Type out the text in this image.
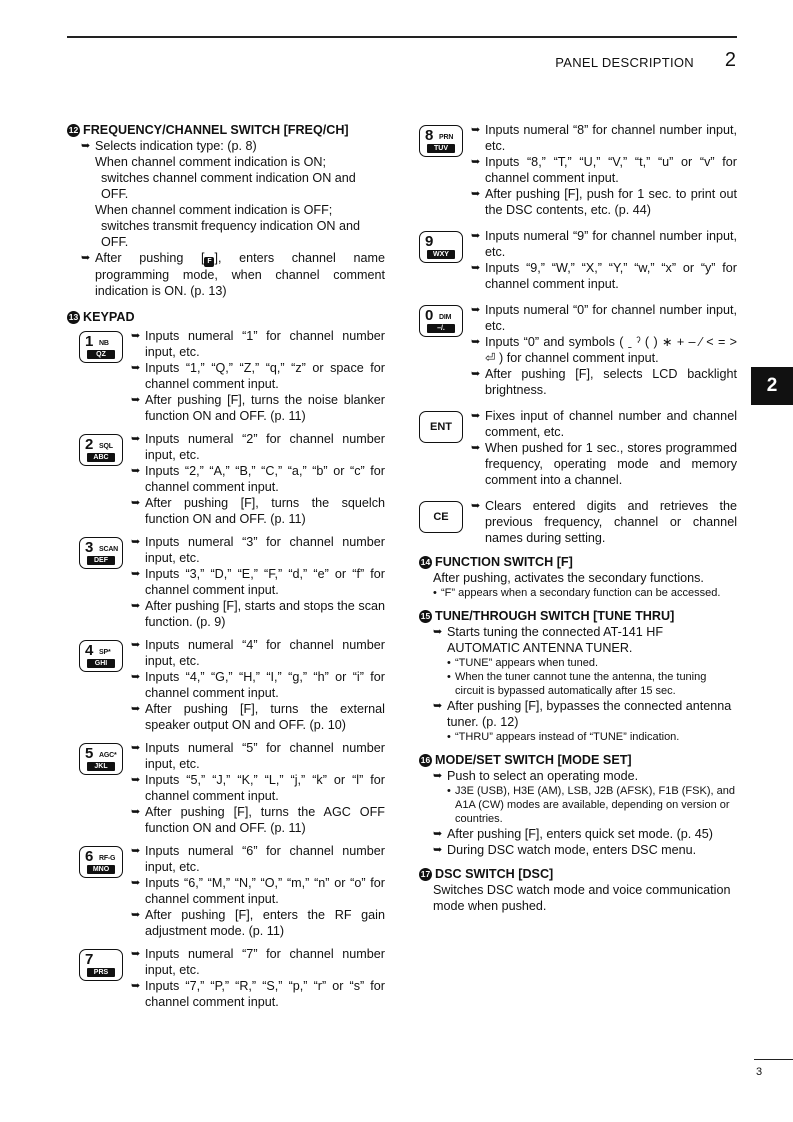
PANEL DESCRIPTION 2
2
12 FREQUENCY/CHANNEL SWITCH [FREQ/CH]
➥ Selects indication type: (p. 8)
When channel comment indication is ON;
switches channel comment indication ON and OFF.
When channel comment indication is OFF;
switches transmit frequency indication ON and OFF.
➥ After pushing [ F ], enters channel name programming mode, when channel comment indication is ON. (p. 13)
13 KEYPAD
1 NB
QZ
➥ Inputs numeral “1” for channel number input, etc.
➥ Inputs “1,” “Q,” “Z,” “q,” “z” or space for channel comment input.
➥ After pushing [F], turns the noise blanker function ON and OFF. (p. 11)
2 SQL
ABC
➥ Inputs numeral “2” for channel number input, etc.
➥ Inputs “2,” “A,” “B,” “C,” “a,” “b” or “c” for channel comment input.
➥ After pushing [F], turns the squelch function ON and OFF. (p. 11)
3 SCAN
DEF
➥ Inputs numeral “3” for channel number input, etc.
➥ Inputs “3,” “D,” “E,” “F,” “d,” “e” or “f” for channel comment input.
➥ After pushing [F], starts and stops the scan function. (p. 9)
4 SP*
GHI
➥ Inputs numeral “4” for channel number input, etc.
➥ Inputs “4,” “G,” “H,” “I,” “g,” “h” or “i” for channel comment input.
➥ After pushing [F], turns the external speaker output ON and OFF. (p. 10)
5 AGC*
JKL
➥ Inputs numeral “5” for channel number input, etc.
➥ Inputs “5,” “J,” “K,” “L,” “j,” “k” or “l” for channel comment input.
➥ After pushing [F], turns the AGC OFF function ON and OFF. (p. 11)
6 RF-G
MNO
➥ Inputs numeral “6” for channel number input, etc.
➥ Inputs “6,” “M,” “N,” “O,” “m,” “n” or “o” for channel comment input.
➥ After pushing [F], enters the RF gain adjustment mode. (p. 11)
7
PRS
➥ Inputs numeral “7” for channel number input, etc.
➥ Inputs “7,” “P,” “R,” “S,” “p,” “r” or “s” for channel comment input.
8 PRN
TUV
➥ Inputs numeral “8” for channel number input, etc.
➥ Inputs “8,” “T,” “U,” “V,” “t,” “u” or “v” for channel comment input.
➥ After pushing [F], push for 1 sec. to print out the DSC contents, etc. (p. 44)
9
WXY
➥ Inputs numeral “9” for channel number input, etc.
➥ Inputs “9,” “W,” “X,” “Y,” “w,” “x” or “y” for channel comment input.
0 DIM
–/.
➥ Inputs numeral “0” for channel number input, etc.
➥ Inputs “0” and symbols ( ˍ ˀ ( ) ∗ + – ⁄ < = > ⏎ ) for channel comment input.
➥ After pushing [F], selects LCD backlight brightness.
ENT
➥ Fixes input of channel number and channel comment, etc.
➥ When pushed for 1 sec., stores programmed frequency, operating mode and memory comment into a channel.
CE
➥ Clears entered digits and retrieves the previous frequency, channel or channel names during setting.
14 FUNCTION SWITCH [F]
After pushing, activates the secondary functions.
• “F” appears when a secondary function can be accessed.
15 TUNE/THROUGH SWITCH [TUNE THRU]
➥ Starts tuning the connected AT-141 HF AUTOMATIC ANTENNA TUNER.
• “TUNE” appears when tuned.
• When the tuner cannot tune the antenna, the tuning circuit is bypassed automatically after 15 sec.
➥ After pushing [F], bypasses the connected antenna tuner. (p. 12)
• “THRU” appears instead of “TUNE” indication.
16 MODE/SET SWITCH [MODE SET]
➥ Push to select an operating mode.
• J3E (USB), H3E (AM), LSB, J2B (AFSK), F1B (FSK), and A1A (CW) modes are available, depending on version or countries.
➥ After pushing [F], enters quick set mode. (p. 45)
➥ During DSC watch mode, enters DSC menu.
17 DSC SWITCH [DSC]
Switches DSC watch mode and voice communication mode when pushed.
3
